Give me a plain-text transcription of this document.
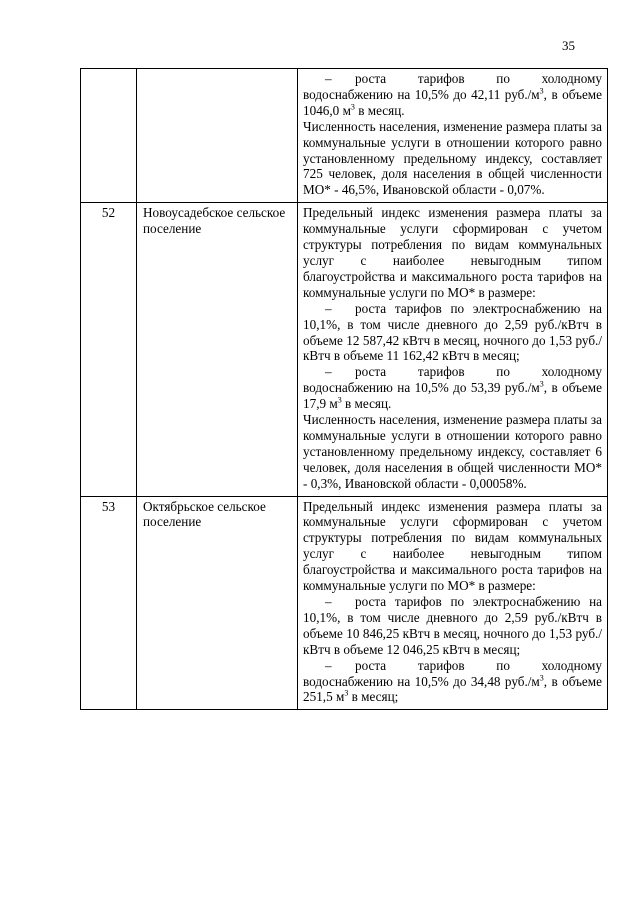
35

		– роста тарифов по холодному водоснабжению на 10,5% до 42,11 $руб./м^3$, в объеме 1046,0 $м^3$ в месяц.

Численность населения, изменение размера платы за коммунальные услуги в отношении которого равно установленному предельному индексу, составляет 725 человек, доля населения в общей численности МО* - 46,5%, Ивановской области - 0,07%.

52	Новоусадебское сельское поселение	Предельный индекс изменения размера платы за коммунальные услуги сформирован с учетом структуры потребления по видам коммунальных услуг с наиболее невыгодным типом благоустройства и максимального роста тарифов на коммунальные услуги по МО* в размере:

– роста тарифов по электроснабжению на 10,1%, в том числе дневного до 2,59 руб./кВтч в объеме 12 587,42 кВтч в месяц, ночного до 1,53 руб./кВтч в объеме 11 162,42 кВтч в месяц;

– роста тарифов по холодному водоснабжению на 10,5% до 53,39 $руб./м^3$, в объеме 17,9 $м^3$ в месяц.

Численность населения, изменение размера платы за коммунальные услуги в отношении которого равно установленному предельному индексу, составляет 6 человек, доля населения в общей численности МО* - 0,3%, Ивановской области - 0,00058%.

53	Октябрьское сельское поселение	Предельный индекс изменения размера платы за коммунальные услуги сформирован с учетом структуры потребления по видам коммунальных услуг с наиболее невыгодным типом благоустройства и максимального роста тарифов на коммунальные услуги по МО* в размере:

– роста тарифов по электроснабжению на 10,1%, в том числе дневного до 2,59 руб./кВтч в объеме 10 846,25 кВтч в месяц, ночного до 1,53 руб./кВтч в объеме 12 046,25 кВтч в месяц;

– роста тарифов по холодному водоснабжению на 10,5% до 34,48 $руб./м^3$, в объеме 251,5 $м^3$ в месяц;
